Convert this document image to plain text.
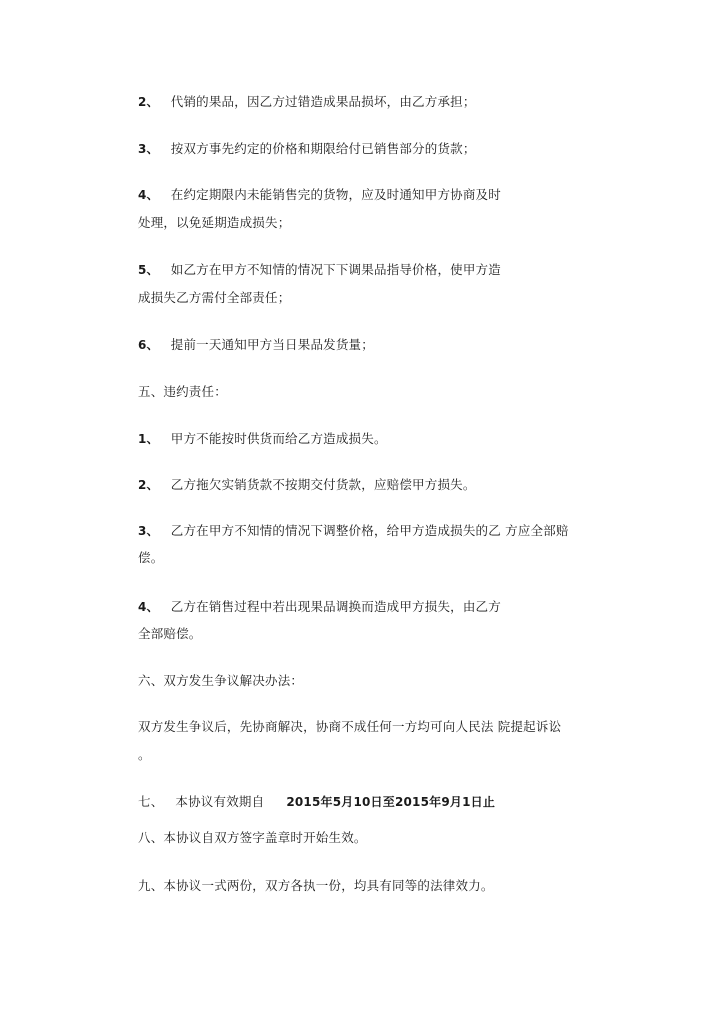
2、 代销的果品，因乙方过错造成果品损坏，由乙方承担；
3、 按双方事先约定的价格和期限给付已销售部分的货款；
4、 在约定期限内未能销售完的货物，应及时通知甲方协商及时
处理，以免延期造成损失；
5、 如乙方在甲方不知情的情况下下调果品指导价格，使甲方造
成损失乙方需付全部责任；
6、 提前一天通知甲方当日果品发货量；
五、违约责任：
1、 甲方不能按时供货而给乙方造成损失。
2、 乙方拖欠实销货款不按期交付货款，应赔偿甲方损失。
3、 乙方在甲方不知情的情况下调整价格，给甲方造成损失的乙 方应全部赔
偿。
4、 乙方在销售过程中若出现果品调换而造成甲方损失，由乙方
全部赔偿。
六、双方发生争议解决办法：
双方发生争议后，先协商解决，协商不成任何一方均可向人民法 院提起诉讼
。
七、 本协议有效期自 2015年5月10日至2015年9月1日止
八、本协议自双方签字盖章时开始生效。
九、本协议一式两份，双方各执一份，均具有同等的法律效力。
